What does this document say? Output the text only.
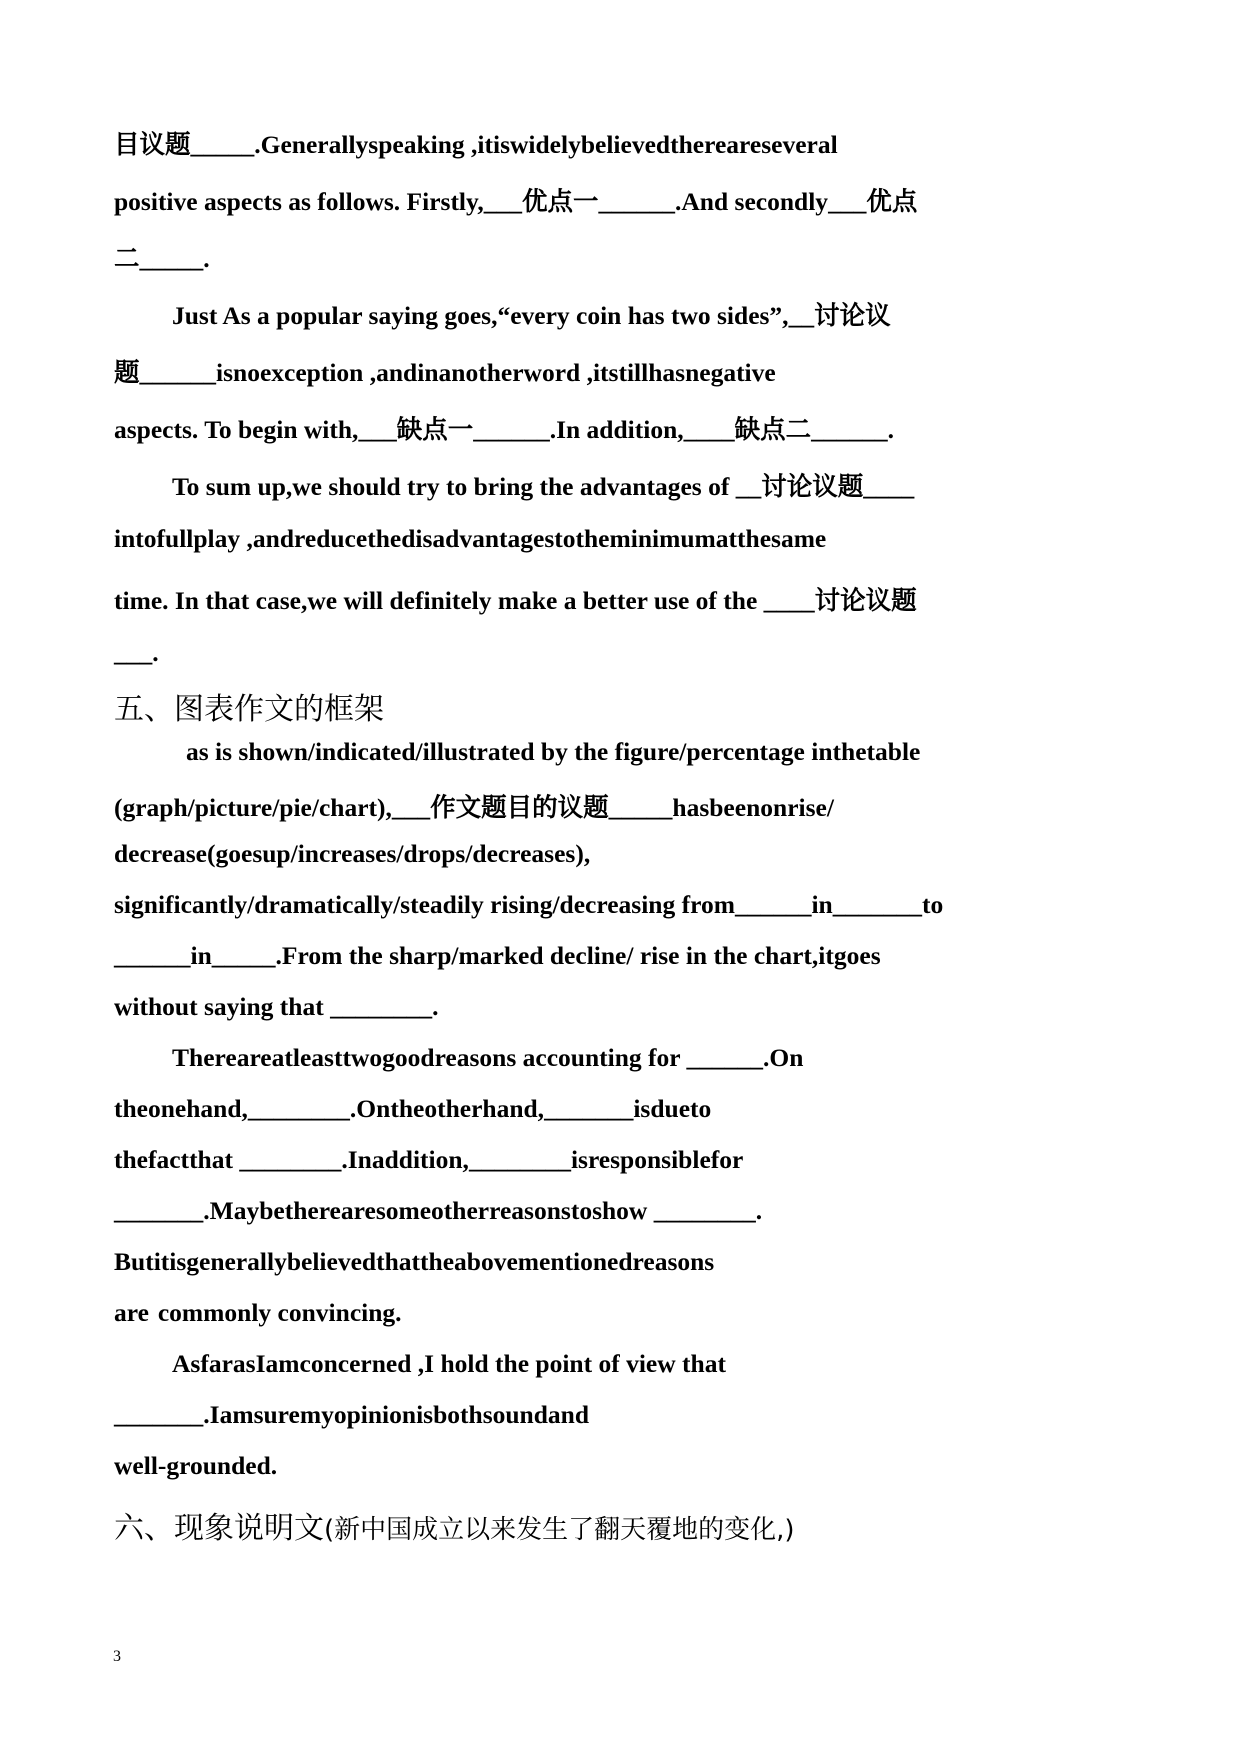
目议题_____.Generallyspeaking ,itiswidelybelievedthereareseveral
positive aspects as follows. Firstly,___优点一______.And secondly___优点
二_____.
Just As a popular saying goes,“every coin has two sides”,__讨论议
题______isnoexception ,andinanotherword ,itstillhasnegative
aspects. To begin with,___缺点一______.In addition,____缺点二______.
To sum up,we should try to bring the advantages of __讨论议题____
intofullplay ,andreducethedisadvantagestotheminimumatthesame
time. In that case,we will definitely make a better use of the ____讨论议题
___.
五、图表作文的框架
as is shown/indicated/illustrated by the figure/percentage inthetable
(graph/picture/pie/chart),___作文题目的议题_____hasbeenonrise/
decrease(goesup/increases/drops/decreases),
significantly/dramatically/steadily rising/decreasing from______in_______to
______in_____.From the sharp/marked decline/ rise in the chart,itgoes
without saying that ________.
Thereareatleasttwogoodreasons accounting for ______.On
theonehand,________.Ontheotherhand,_______isdueto
thefactthat ________.Inaddition,________isresponsiblefor
_______.Maybetherearesomeotherreasonstoshow ________.
Butitisgenerallybelievedthattheabovementionedreasons
are commonly convincing.
AsfarasIamconcerned ,I hold the point of view that
_______.Iamsuremyopinionisbothsoundand
well-grounded.
六、现象说明文(新中国成立以来发生了翻天覆地的变化,)
3
